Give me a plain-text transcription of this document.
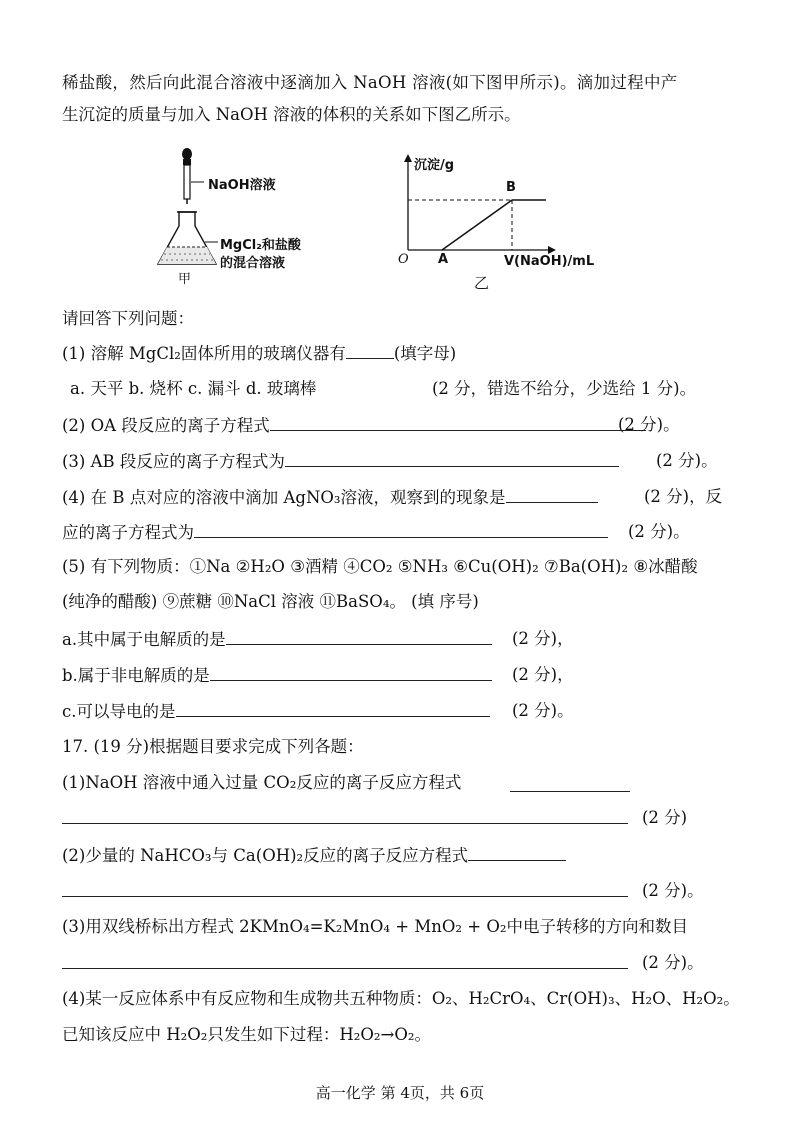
稀盐酸，然后向此混合溶液中逐滴加入 NaOH 溶液(如下图甲所示)。滴加过程中产
生沉淀的质量与加入 NaOH 溶液的体积的关系如下图乙所示。
NaOH溶液
MgCl₂和盐酸
的混合溶液
甲
沉淀/g
B
O A	V(NaOH)/mL
乙
请回答下列问题：
(1) 溶解 MgCl₂固体所用的玻璃仪器有	(填字母)
a. 天平 b. 烧杯 c. 漏斗 d. 玻璃棒	(2 分，错选不给分，少选给 1 分)。
(2) OA 段反应的离子方程式	(2 分)。
(3) AB 段反应的离子方程式为	(2 分)。
(4) 在 B 点对应的溶液中滴加 AgNO₃溶液，观察到的现象是	(2 分)，反
应的离子方程式为	(2 分)。
(5) 有下列物质：①Na ②H₂O ③酒精 ④CO₂ ⑤NH₃ ⑥Cu(OH)₂ ⑦Ba(OH)₂ ⑧冰醋酸
(纯净的醋酸) ⑨蔗糖 ⑩NaCl 溶液 ⑪BaSO₄。 (填 序号)
a.其中属于电解质的是	(2 分)，
b.属于非电解质的是	(2 分)，
c.可以导电的是	(2 分)。
17. (19 分)根据题目要求完成下列各题：
(1)NaOH 溶液中通入过量 CO₂反应的离子反应方程式
(2 分)
(2)少量的 NaHCO₃与 Ca(OH)₂反应的离子反应方程式
(2 分)。
(3)用双线桥标出方程式 2KMnO₄=K₂MnO₄ + MnO₂ + O₂中电子转移的方向和数目
(2 分)。
(4)某一反应体系中有反应物和生成物共五种物质：O₂、H₂CrO₄、Cr(OH)₃、H₂O、H₂O₂。
已知该反应中 H₂O₂只发生如下过程：H₂O₂→O₂。
高一化学 第 4页，共 6页
